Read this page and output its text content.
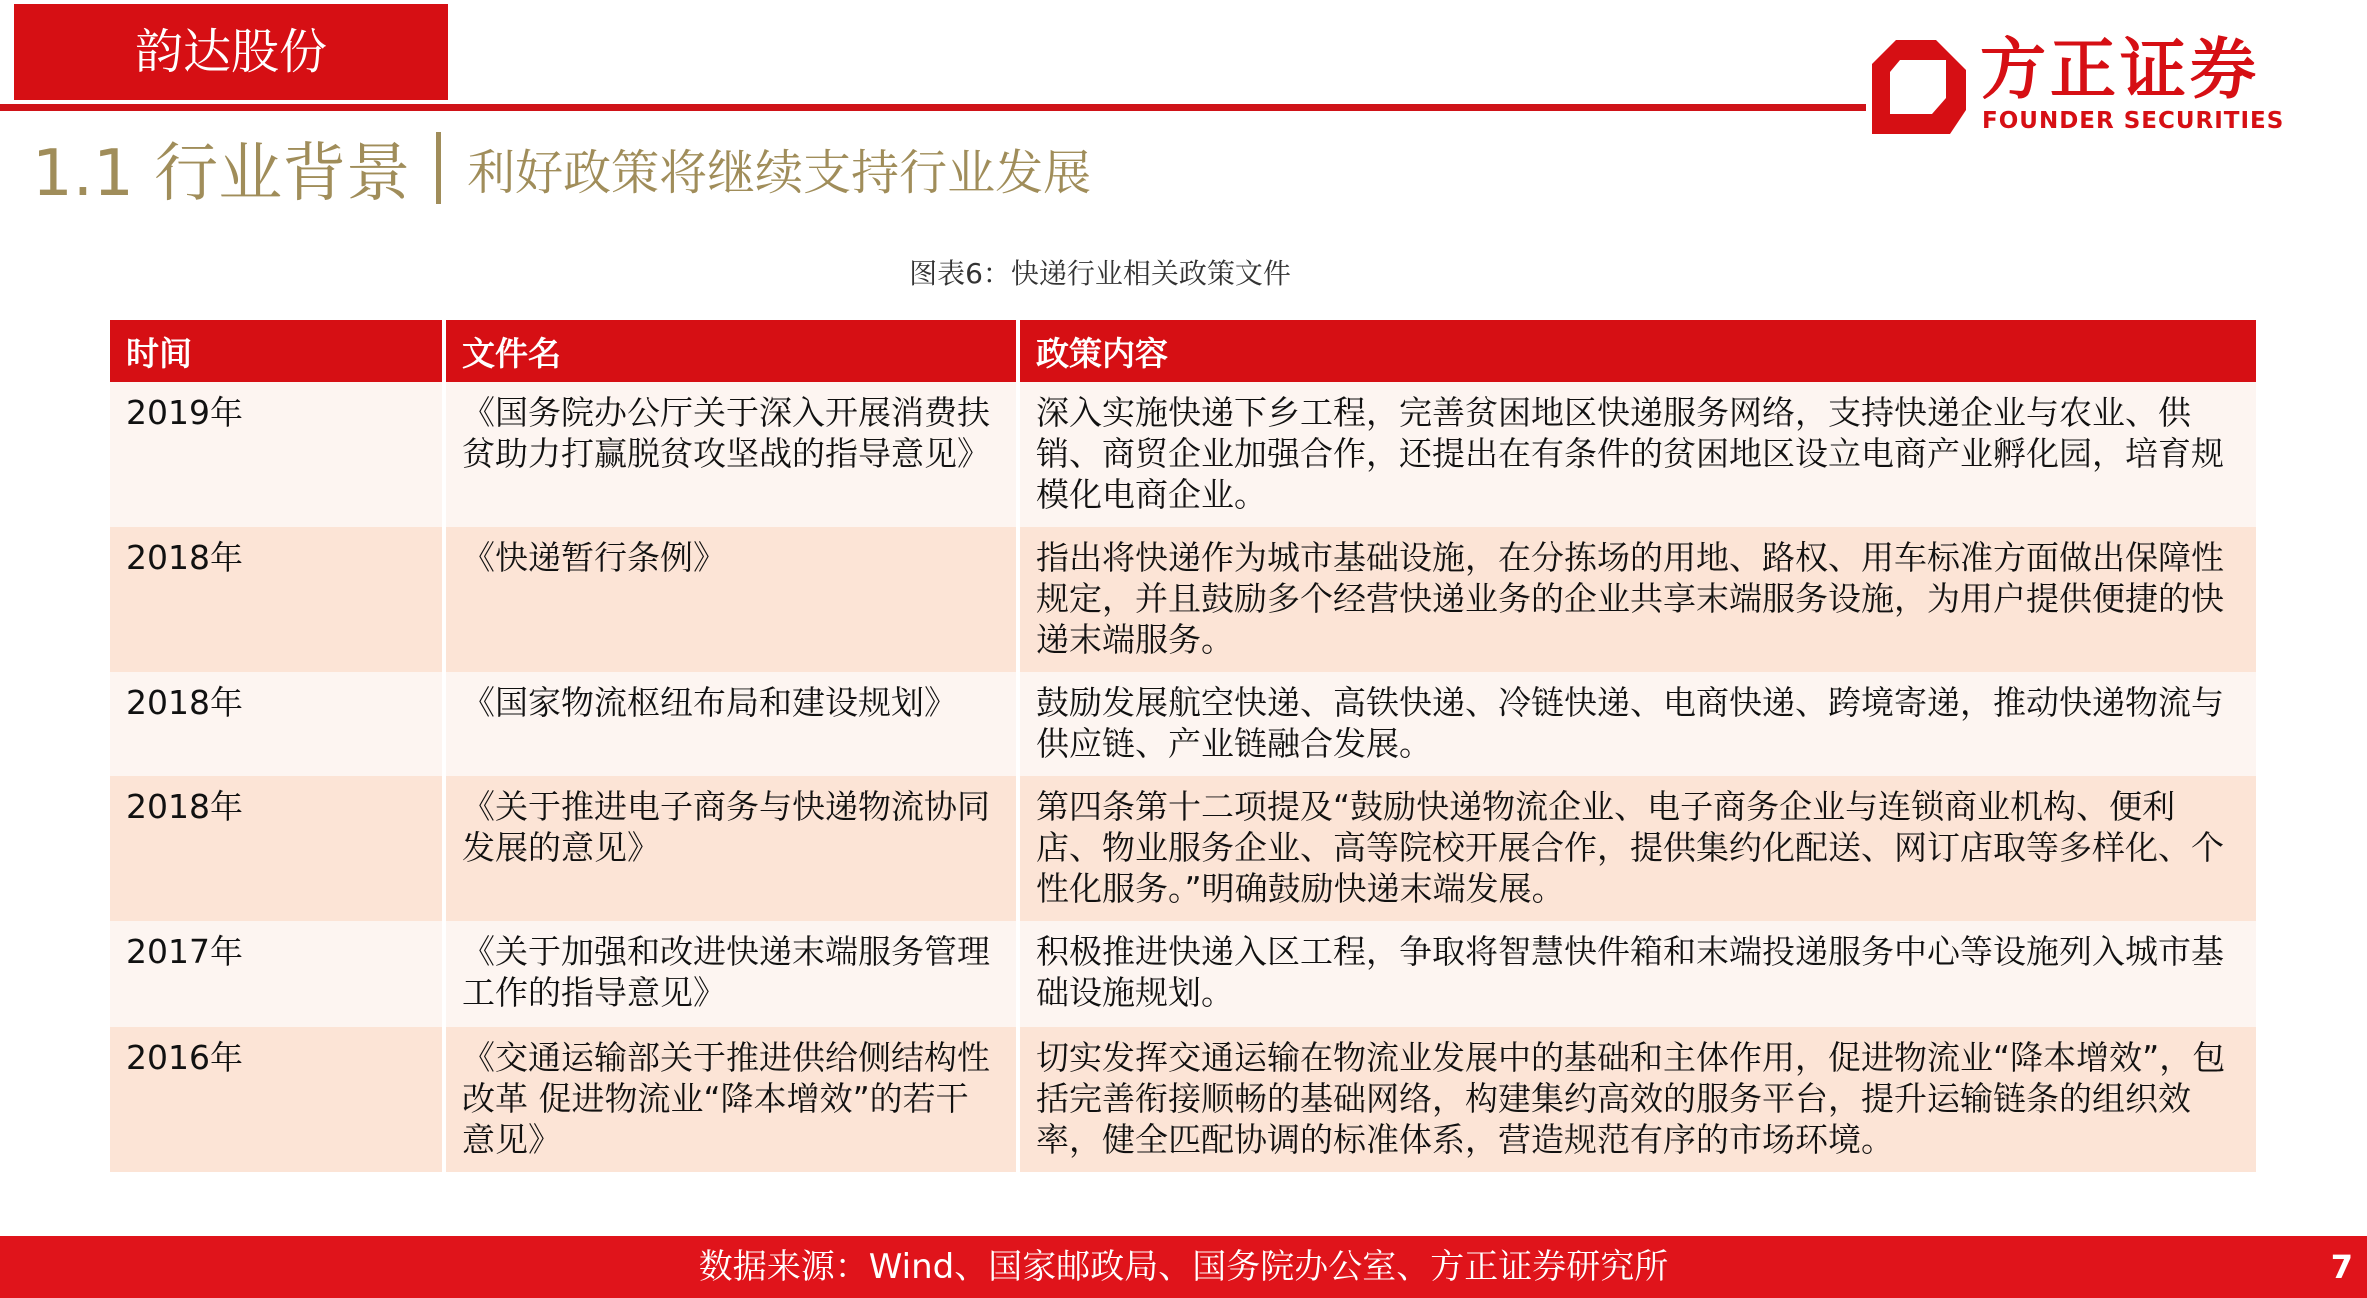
韵达股份	方正证券
FOUNDER SECURITIES
1.1 行业背景 利好政策将继续支持行业发展
图表6：快递行业相关政策文件
时间	文件名	政策内容
2019年	《国务院办公厅关于深入开展消费扶贫助力打赢脱贫攻坚战的指导意见》	深入实施快递下乡工程，完善贫困地区快递服务网络，支持快递企业与农业、供销、商贸企业加强合作，还提出在有条件的贫困地区设立电商产业孵化园，培育规模化电商企业。
2018年	《快递暂行条例》	指出将快递作为城市基础设施，在分拣场的用地、路权、用车标准方面做出保障性规定，并且鼓励多个经营快递业务的企业共享末端服务设施，为用户提供便捷的快递末端服务。
2018年	《国家物流枢纽布局和建设规划》	鼓励发展航空快递、高铁快递、冷链快递、电商快递、跨境寄递，推动快递物流与供应链、产业链融合发展。
2018年	《关于推进电子商务与快递物流协同发展的意见》	第四条第十二项提及“鼓励快递物流企业、电子商务企业与连锁商业机构、便利店、物业服务企业、高等院校开展合作，提供集约化配送、网订店取等多样化、个性化服务。”明确鼓励快递末端发展。
2017年	《关于加强和改进快递末端服务管理工作的指导意见》	积极推进快递入区工程，争取将智慧快件箱和末端投递服务中心等设施列入城市基础设施规划。
2016年	《交通运输部关于推进供给侧结构性改革 促进物流业“降本增效”的若干意见》	切实发挥交通运输在物流业发展中的基础和主体作用，促进物流业“降本增效”，包括完善衔接顺畅的基础网络，构建集约高效的服务平台，提升运输链条的组织效率，健全匹配协调的标准体系，营造规范有序的市场环境。
数据来源：Wind、国家邮政局、国务院办公室、方正证券研究所	7
